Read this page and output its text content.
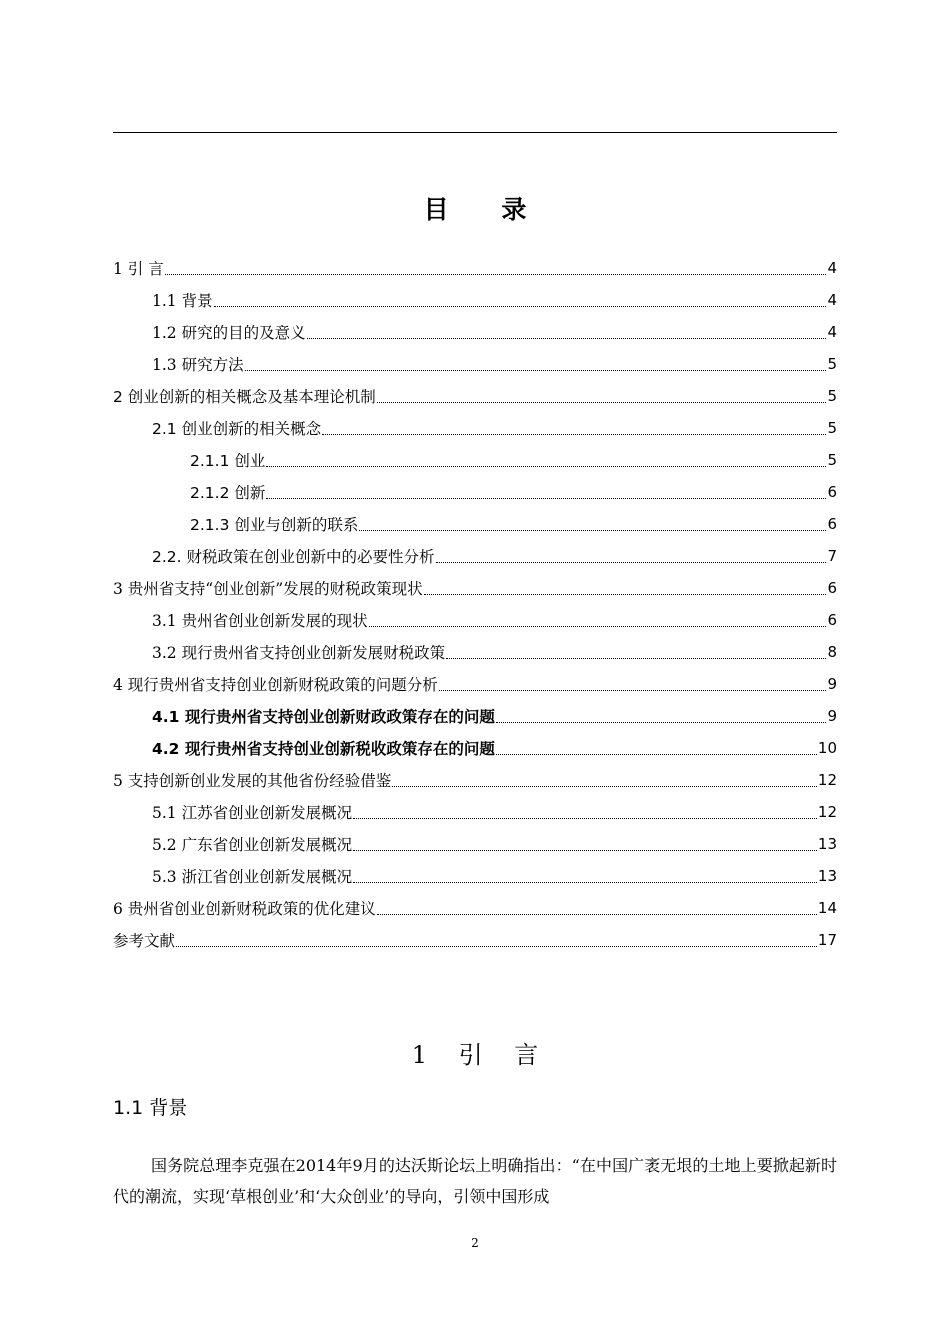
目 录
1 引 言	4
1.1 背景	4
1.2 研究的目的及意义	4
1.3 研究方法	5
2 创业创新的相关概念及基本理论机制	5
2.1 创业创新的相关概念	5
2.1.1 创业	5
2.1.2 创新	6
2.1.3 创业与创新的联系	6
2.2. 财税政策在创业创新中的必要性分析	7
3 贵州省支持“创业创新”发展的财税政策现状	6
3.1 贵州省创业创新发展的现状	6
3.2 现行贵州省支持创业创新发展财税政策	8
4 现行贵州省支持创业创新财税政策的问题分析	9
4.1 现行贵州省支持创业创新财政政策存在的问题	9
4.2 现行贵州省支持创业创新税收政策存在的问题	10
5 支持创新创业发展的其他省份经验借鉴	12
5.1 江苏省创业创新发展概况	12
5.2 广东省创业创新发展概况	13
5.3 浙江省创业创新发展概况	13
6 贵州省创业创新财税政策的优化建议	14
参考文献	17
1 引 言
1.1 背景
国务院总理李克强在2014年9月的达沃斯论坛上明确指出：“在中国广袤无垠的土地上要掀起新时代的潮流，实现‘草根创业’和‘大众创业’的导向，引领中国形成
2
